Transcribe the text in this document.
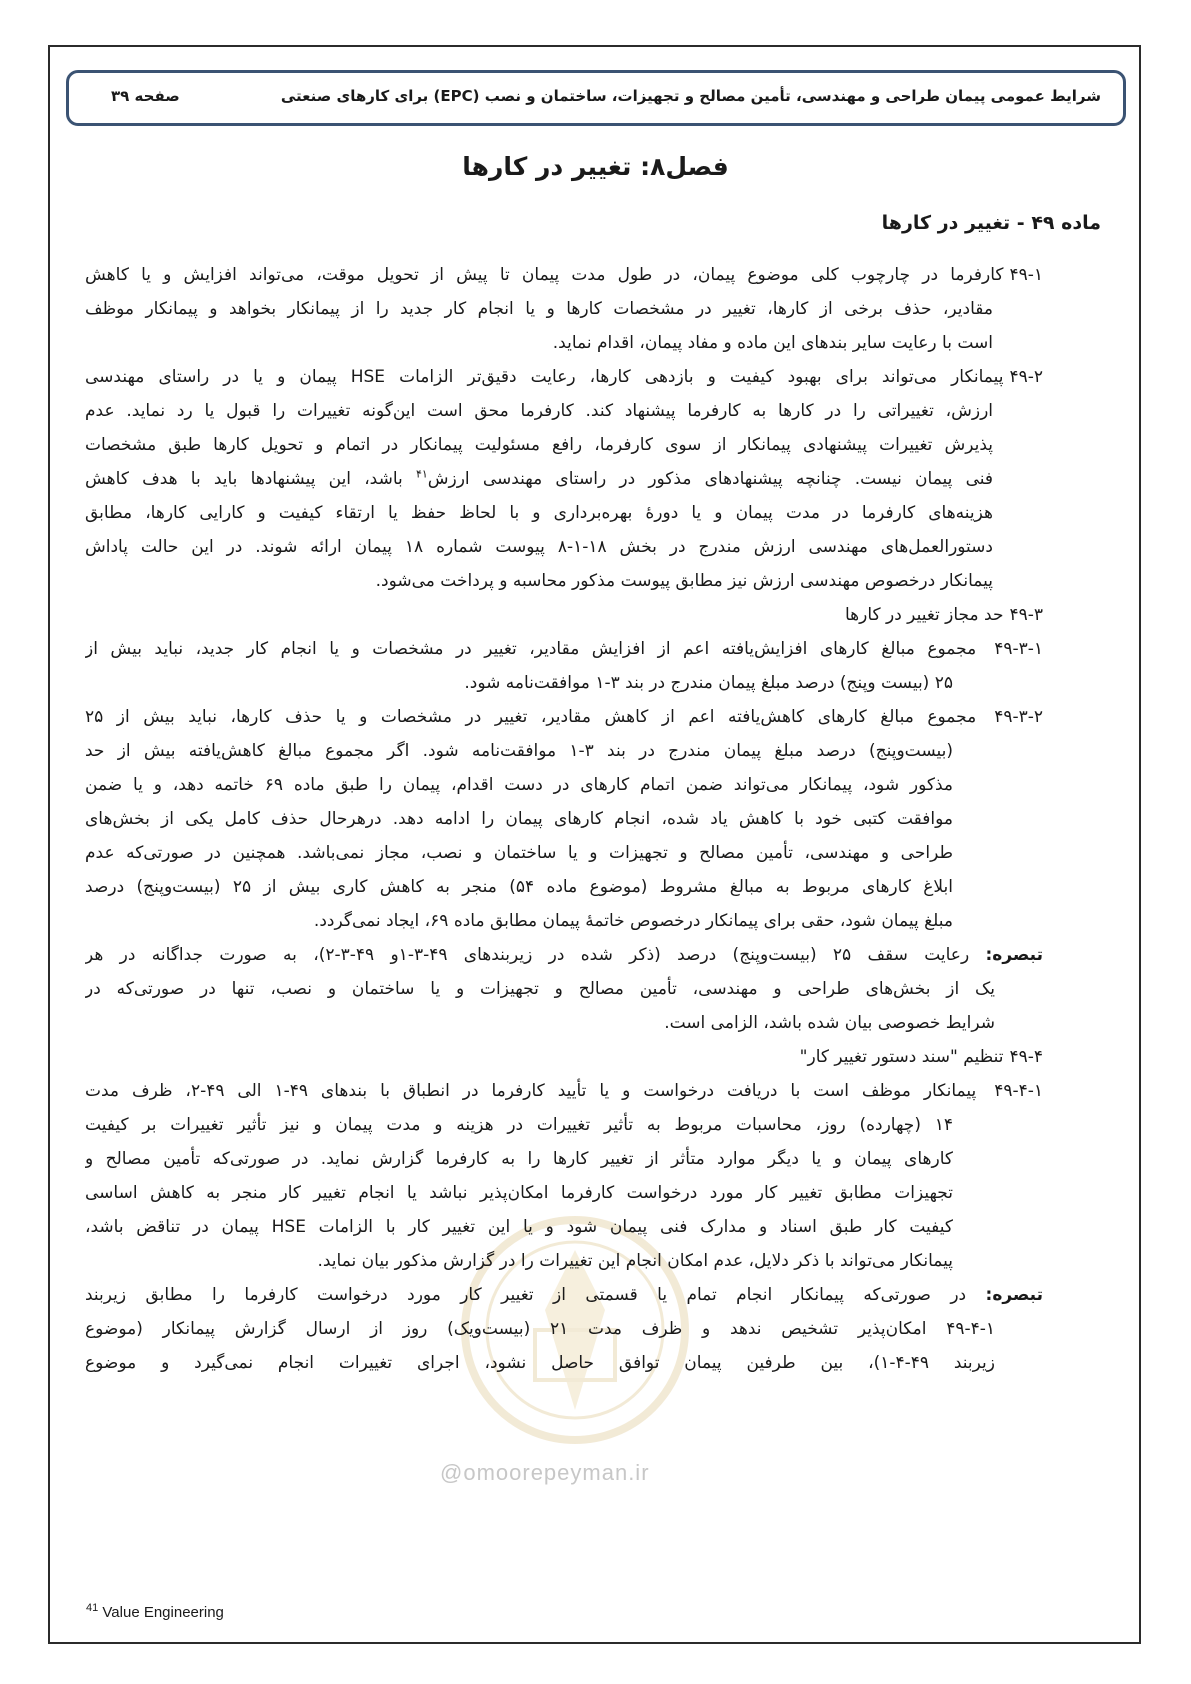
شرایط عمومی پیمان طراحی و مهندسی، تأمین مصالح و تجهیزات، ساختمان و نصب (EPC) برای کارهای صنعتی
صفحه ۳۹
فصل۸: تغییر در کارها
ماده ۴۹ - تغییر در کارها
@omoorepeyman.ir
۴۹-۱کارفرما در چارچوب کلی موضوع پیمان، در طول مدت پیمان تا پیش از تحویل موقت، می‌تواند افزایش و یا کاهش
مقادیر، حذف برخی از کارها، تغییر در مشخصات کارها و یا انجام کار جدید را از پیمانکار بخواهد و پیمانکار موظف
است با رعایت سایر بندهای این ماده و مفاد پیمان، اقدام نماید.
۴۹-۲پیمانکار می‌تواند برای بهبود کیفیت و بازدهی کارها، رعایت دقیق‌تر الزامات HSE پیمان و یا در راستای مهندسی
ارزش، تغییراتی را در کارها به کارفرما پیشنهاد کند. کارفرما محق است این‌گونه تغییرات را قبول یا رد نماید. عدم
پذیرش تغییرات پیشنهادی پیمانکار از سوی کارفرما، رافع مسئولیت پیمانکار در اتمام و تحویل کارها طبق مشخصات
فنی پیمان نیست. چنانچه پیشنهادهای مذکور در راستای مهندسی ارزش$^{۴۱}$ باشد، این پیشنهادها باید با هدف کاهش
هزینه‌های کارفرما در مدت پیمان و یا دورهٔ بهره‌برداری و با لحاظ حفظ یا ارتقاء کیفیت و کارایی کارها، مطابق
دستورالعمل‌های مهندسی ارزش مندرج در بخش ۱۸-۱-۸ پیوست شماره ۱۸ پیمان ارائه شوند. در این حالت پاداش
پیمانکار درخصوص مهندسی ارزش نیز مطابق پیوست مذکور محاسبه و پرداخت می‌شود.
۴۹-۳حد مجاز تغییر در کارها
۴۹-۳-۱مجموع مبالغ کارهای افزایش‌یافته اعم از افزایش مقادیر، تغییر در مشخصات و یا انجام کار جدید، نباید بیش از
۲۵ (بیست وپنج) درصد مبلغ پیمان مندرج در بند ۳-۱ موافقت‌نامه شود.
۴۹-۳-۲مجموع مبالغ کارهای کاهش‌یافته اعم از کاهش مقادیر، تغییر در مشخصات و یا حذف کارها، نباید بیش از ۲۵
(بیست‌وپنج) درصد مبلغ پیمان مندرج در بند ۳-۱ موافقت‌نامه شود. اگر مجموع مبالغ کاهش‌یافته بیش از حد
مذکور شود، پیمانکار می‌تواند ضمن اتمام کارهای در دست اقدام، پیمان را طبق ماده ۶۹ خاتمه دهد، و یا ضمن
موافقت کتبی خود با کاهش یاد شده، انجام کارهای پیمان را ادامه دهد. درهرحال حذف کامل یکی از بخش‌های
طراحی و مهندسی، تأمین مصالح و تجهیزات و یا ساختمان و نصب، مجاز نمی‌باشد. همچنین در صورتی‌که عدم
ابلاغ کارهای مربوط به مبالغ مشروط (موضوع ماده ۵۴) منجر به کاهش کاری بیش از ۲۵ (بیست‌وپنج) درصد
مبلغ پیمان شود، حقی برای پیمانکار درخصوص خاتمهٔ پیمان مطابق ماده ۶۹، ایجاد نمی‌گردد.
تبصره: رعایت سقف ۲۵ (بیست‌وپنج) درصد (ذکر شده در زیربندهای ۴۹-۳-۱و ۴۹-۳-۲)، به صورت جداگانه در هر
یک از بخش‌های طراحی و مهندسی، تأمین مصالح و تجهیزات و یا ساختمان و نصب، تنها در صورتی‌که در
شرایط خصوصی بیان شده باشد، الزامی است.
۴۹-۴تنظیم "سند دستور تغییر کار"
۴۹-۴-۱پیمانکار موظف است با دریافت درخواست و یا تأیید کارفرما در انطباق با بندهای ۴۹-۱ الی ۴۹-۲، ظرف مدت
۱۴ (چهارده) روز، محاسبات مربوط به تأثیر تغییرات در هزینه و مدت پیمان و نیز تأثیر تغییرات بر کیفیت
کارهای پیمان و یا دیگر موارد متأثر از تغییر کارها را به کارفرما گزارش نماید. در صورتی‌که تأمین مصالح و
تجهیزات مطابق تغییر کار مورد درخواست کارفرما امکان‌پذیر نباشد یا انجام تغییر کار منجر به کاهش اساسی
کیفیت کار طبق اسناد و مدارک فنی پیمان شود و یا این تغییر کار با الزامات HSE پیمان در تناقض باشد،
پیمانکار می‌تواند با ذکر دلایل، عدم امکان انجام این تغییرات را در گزارش مذکور بیان نماید.
تبصره: در صورتی‌که پیمانکار انجام تمام یا قسمتی از تغییر کار مورد درخواست کارفرما را مطابق زیربند
۴۹-۴-۱ امکان‌پذیر تشخیص ندهد و ظرف مدت ۲۱ (بیست‌ویک) روز از ارسال گزارش پیمانکار (موضوع
زیربند ۴۹-۴-۱)، بین طرفین پیمان توافق حاصل نشود، اجرای تغییرات انجام نمی‌گیرد و موضوع
$^{41}$ Value Engineering
